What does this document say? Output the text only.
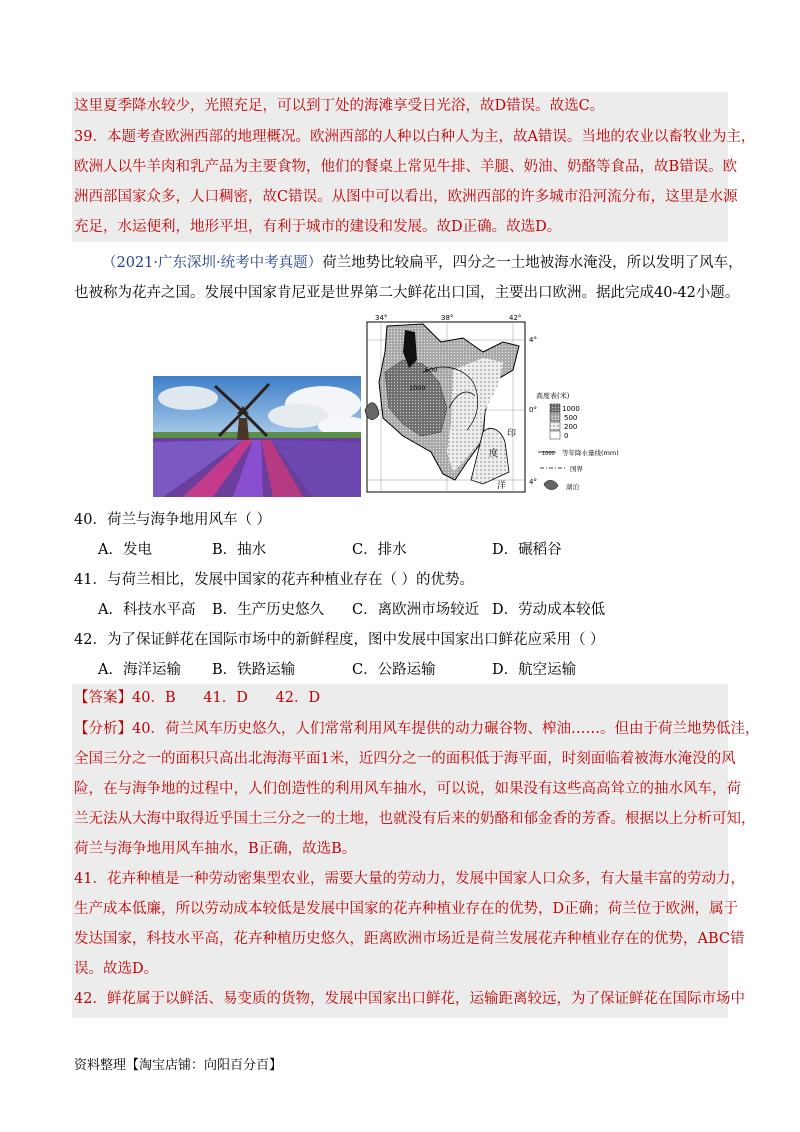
这里夏季降水较少，光照充足，可以到丁处的海滩享受日光浴，故D错误。故选C。
39．本题考查欧洲西部的地理概况。欧洲西部的人种以白种人为主，故A错误。当地的农业以畜牧业为主，
欧洲人以牛羊肉和乳产品为主要食物，他们的餐桌上常见牛排、羊腿、奶油、奶酪等食品，故B错误。欧
洲西部国家众多，人口稠密，故C错误。从图中可以看出，欧洲西部的许多城市沿河流分布，这里是水源
充足，水运便利，地形平坦，有利于城市的建设和发展。故D正确。故选D。
（2021·广东深圳·统考中考真题）荷兰地势比较扁平，四分之一土地被海水淹没，所以发明了风车，
也被称为花卉之国。发展中国家肯尼亚是世界第二大鲜花出口国，主要出口欧洲。据此完成40-42小题。
34°	38°	42°
4°
0°
4°
500
1000
印
度
洋
高度表(米)
1000
500
200
0
1000 等年降水量线(mm)
国界
湖泊
40．荷兰与海争地用风车（ ）
A．发电	B．抽水	C．排水	D．碾稻谷
41．与荷兰相比，发展中国家的花卉种植业存在（ ）的优势。
A．科技水平高 B．生产历史悠久 C．离欧洲市场较近 D．劳动成本较低
42．为了保证鲜花在国际市场中的新鲜程度，图中发展中国家出口鲜花应采用（ ）
A．海洋运输 B．铁路运输	C．公路运输	D．航空运输
【答案】40．B      41．D      42．D
【分析】40．荷兰风车历史悠久，人们常常利用风车提供的动力碾谷物、榨油……。但由于荷兰地势低洼，
全国三分之一的面积只高出北海海平面1米，近四分之一的面积低于海平面，时刻面临着被海水淹没的风
险，在与海争地的过程中，人们创造性的利用风车抽水，可以说，如果没有这些高高耸立的抽水风车，荷
兰无法从大海中取得近乎国土三分之一的土地，也就没有后来的奶酪和郁金香的芳香。根据以上分析可知，
荷兰与海争地用风车抽水，B正确，故选B。
41．花卉种植是一种劳动密集型农业，需要大量的劳动力，发展中国家人口众多，有大量丰富的劳动力，
生产成本低廉，所以劳动成本较低是发展中国家的花卉种植业存在的优势，D正确；荷兰位于欧洲，属于
发达国家，科技水平高，花卉种植历史悠久，距离欧洲市场近是荷兰发展花卉种植业存在的优势，ABC错
误。故选D。
42．鲜花属于以鲜活、易变质的货物，发展中国家出口鲜花，运输距离较远，为了保证鲜花在国际市场中
资料整理【淘宝店铺：向阳百分百】
